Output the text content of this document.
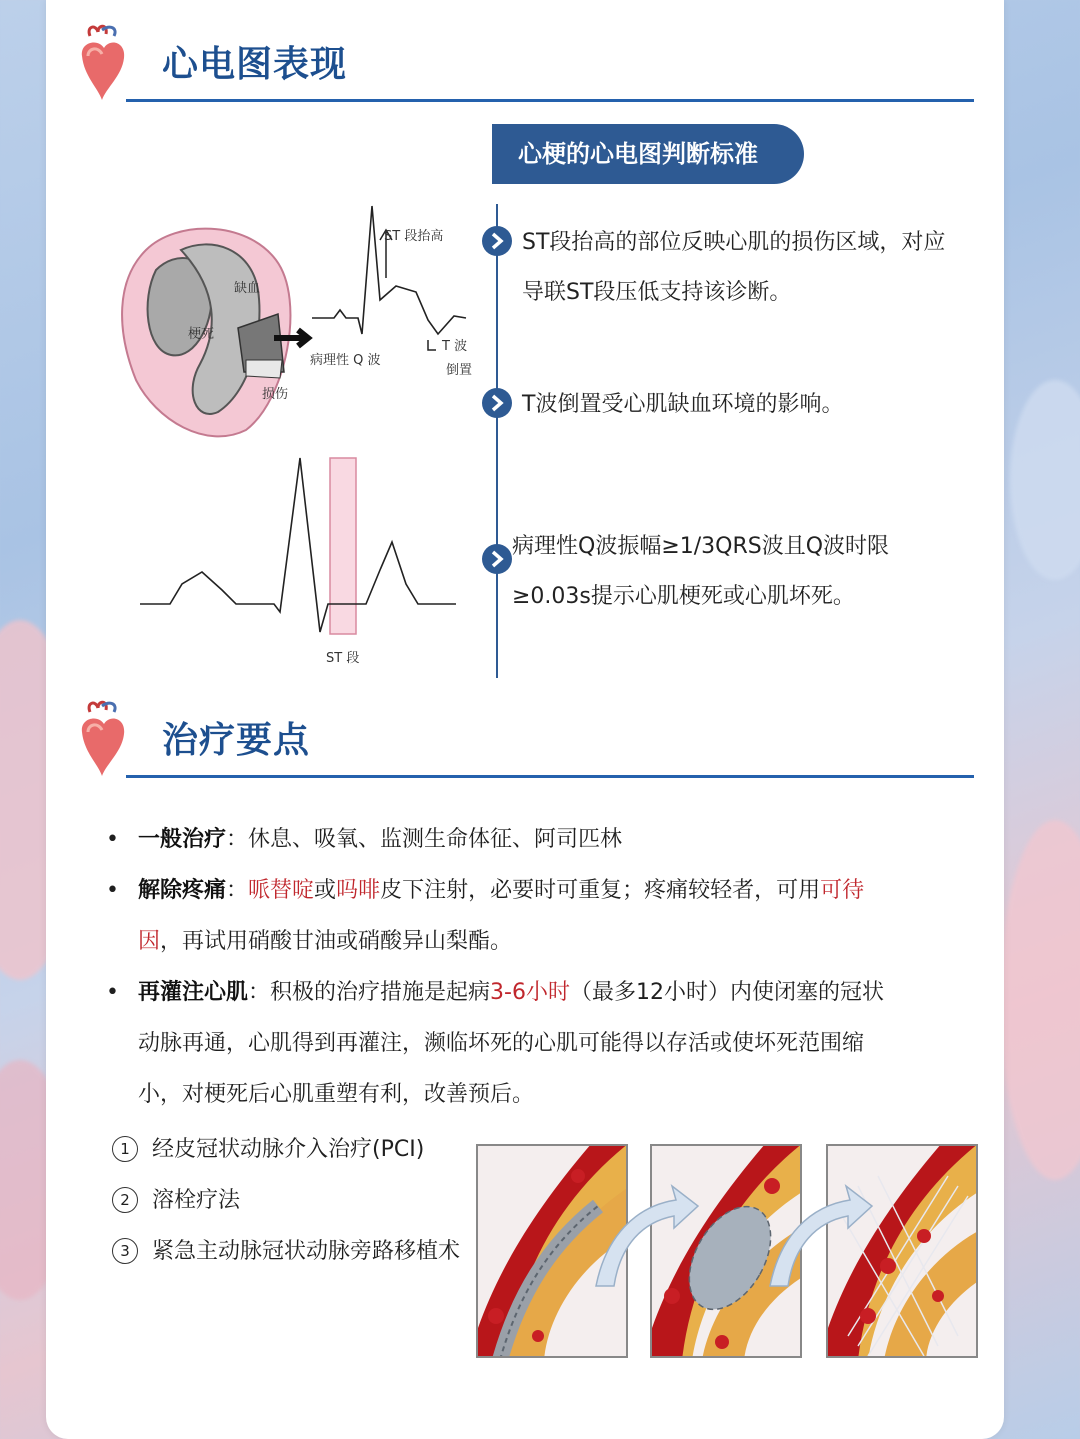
心电图表现
心梗的心电图判断标准
ST段抬高的部位反映心肌的损伤区域，对应导联ST段压低支持该诊断。
T波倒置受心肌缺血环境的影响。
病理性Q波振幅≥1/3QRS波且Q波时限≥0.03s提示心肌梗死或心肌坏死。
缺血
梗死
损伤
ST 段抬高
病理性 Q 波
T 波
倒置
ST 段
治疗要点
• 一般治疗：休息、吸氧、监测生命体征、阿司匹林
• 解除疼痛：哌替啶或吗啡皮下注射，必要时可重复；疼痛较轻者，可用可待因，再试用硝酸甘油或硝酸异山梨酯。
• 再灌注心肌：积极的治疗措施是起病3-6小时（最多12小时）内使闭塞的冠状动脉再通，心肌得到再灌注，濒临坏死的心肌可能得以存活或使坏死范围缩小，对梗死后心肌重塑有利，改善预后。
1 经皮冠状动脉介入治疗(PCI)
2 溶栓疗法
3 紧急主动脉冠状动脉旁路移植术
